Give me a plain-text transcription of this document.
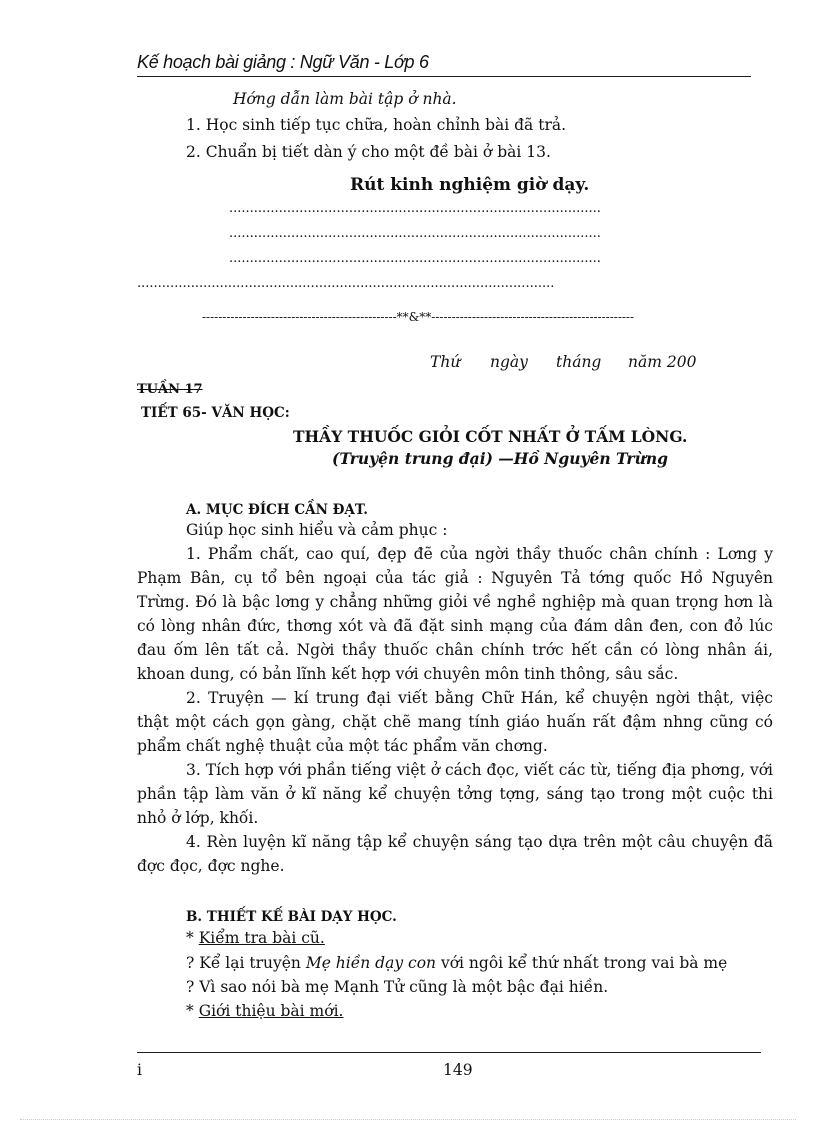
Kế hoạch bài giảng : Ngữ Văn - Lớp 6
Hớng dẫn làm bài tập ở nhà.
1. Học sinh tiếp tục chữa, hoàn chỉnh bài đã trả.
2. Chuẩn bị tiết dàn ý cho một đề bài ở bài 13.
Rút kinh nghiệm giờ dạy.
..........................................................................................
..........................................................................................
..........................................................................................
.....................................................................................................
------------------------------------------------**&**--------------------------------------------------
Thứ ngày tháng năm 200
TUẦN 17
TIẾT 65- VĂN HỌC:
THẦY THUỐC GIỎI CỐT NHẤT Ở TẤM LÒNG.
(Truyện trung đại) —Hồ Nguyên Trừng
A. MỤC ĐÍCH CẦN ĐẠT.
Giúp học sinh hiểu và cảm phục :

1. Phẩm chất, cao quí, đẹp đẽ của ngời thầy thuốc chân chính : Lơng y Phạm Bân, cụ tổ bên ngoại của tác giả : Nguyên Tả tớng quốc Hồ Nguyên Trừng. Đó là bậc lơng y chẳng những giỏi về nghề nghiệp mà quan trọng hơn là có lòng nhân đức, thơng xót và đã đặt sinh mạng của đám dân đen, con đỏ lúc đau ốm lên tất cả. Ngời thầy thuốc chân chính trớc hết cần có lòng nhân ái, khoan dung, có bản lĩnh kết hợp với chuyên môn tinh thông, sâu sắc.

2. Truyện — kí trung đại viết bằng Chữ Hán, kể chuyện ngời thật, việc thật một cách gọn gàng, chặt chẽ mang tính giáo huấn rất đậm nhng cũng có phẩm chất nghệ thuật của một tác phẩm văn chơng.

3. Tích hợp với phần tiếng việt ở cách đọc, viết các từ, tiếng địa phơng, với phần tập làm văn ở kĩ năng kể chuyện tởng tợng, sáng tạo trong một cuộc thi nhỏ ở lớp, khối.

4. Rèn luyện kĩ năng tập kể chuyện sáng tạo dựa trên một câu chuyện đã đợc đọc, đợc nghe.

B. THIẾT KẾ BÀI DẠY HỌC.
* Kiểm tra bài cũ.
? Kể lại truyện Mẹ hiền dạy con với ngôi kể thứ nhất trong vai bà mẹ
? Vì sao nói bà mẹ Mạnh Tử cũng là một bậc đại hiền.
* Giới thiệu bài mới.
i	149
